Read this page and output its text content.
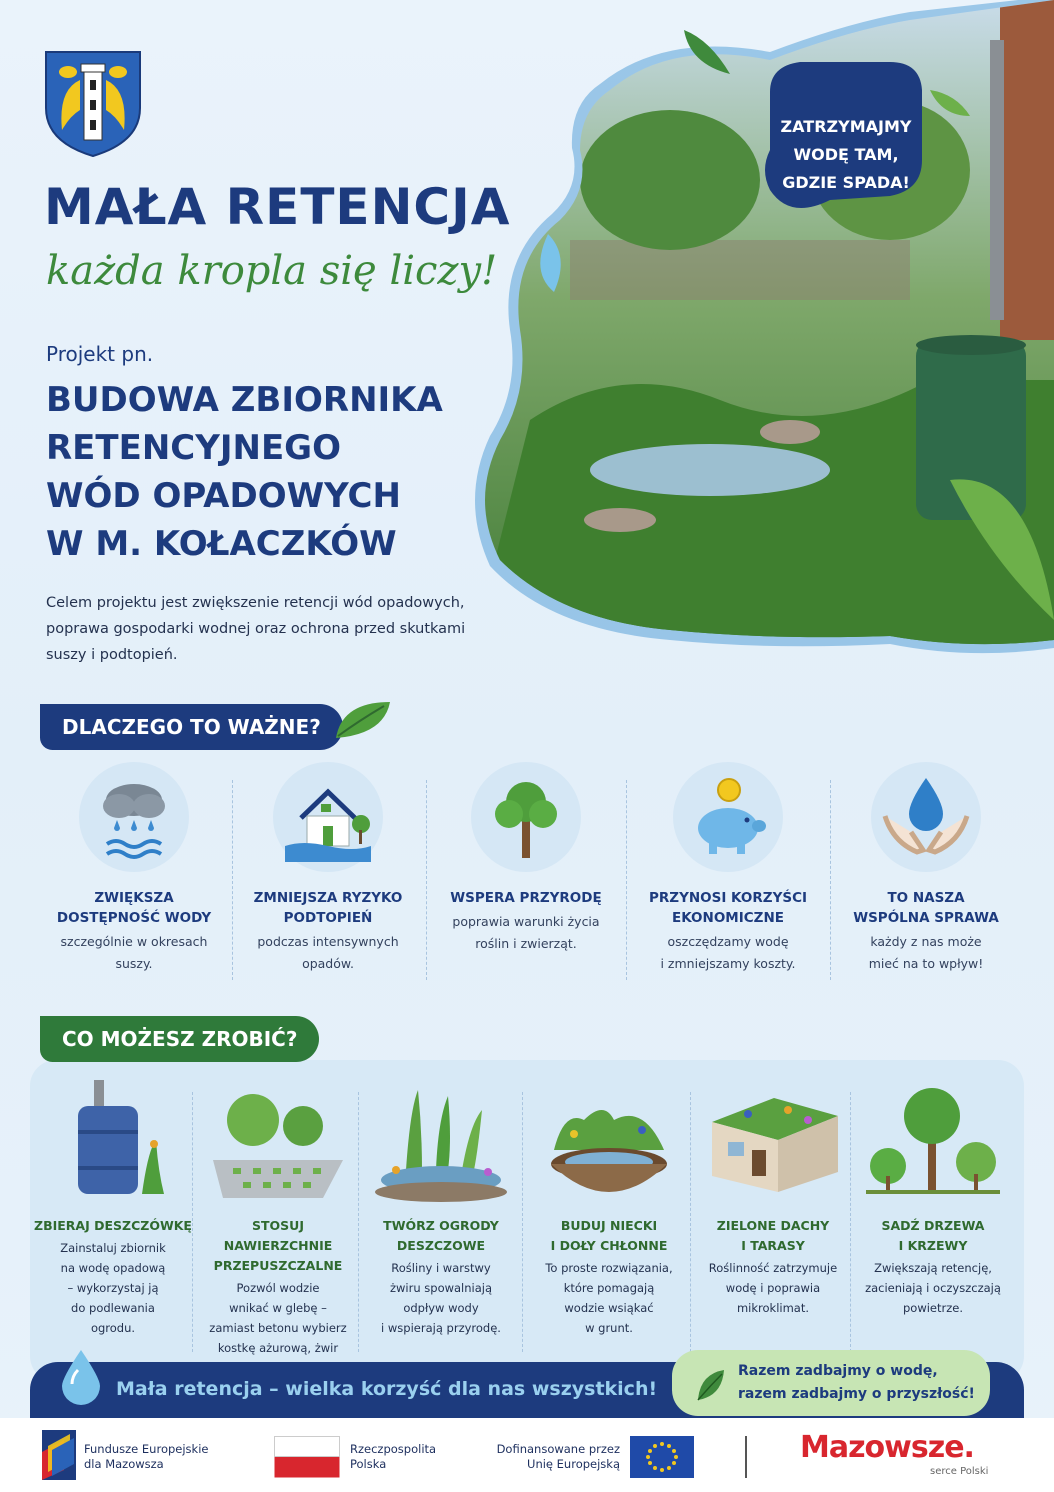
MAŁA RETENCJA
każda kropla się liczy!
Projekt pn.
BUDOWA ZBIORNIKA
RETENCYJNEGO
WÓD OPADOWYCH
W M. KOŁACZKÓW
Celem projektu jest zwiększenie retencji wód opadowych,
poprawa gospodarki wodnej oraz ochrona przed skutkami
suszy i podtopień.
ZATRZYMAJMY
WODĘ TAM,
GDZIE SPADA!
DLACZEGO TO WAŻNE?
ZWIĘKSZA
DOSTĘPNOŚĆ WODY
szczególnie w okresach
suszy.
ZMNIEJSZA RYZYKO
PODTOPIEŃ
podczas intensywnych
opadów.
WSPERA PRZYRODĘ
poprawia warunki życia
roślin i zwierząt.
PRZYNOSI KORZYŚCI
EKONOMICZNE
oszczędzamy wodę
i zmniejszamy koszty.
TO NASZA
WSPÓLNA SPRAWA
każdy z nas może
mieć na to wpływ!
CO MOŻESZ ZROBIĆ?
ZBIERAJ DESZCZÓWKĘ
Zainstaluj zbiornik
na wodę opadową
– wykorzystaj ją
do podlewania
ogrodu.
STOSUJ NAWIERZCHNIE
PRZEPUSZCZALNE
Pozwól wodzie
wnikać w glebę –
zamiast betonu wybierz
kostkę ażurową, żwir
TWÓRZ OGRODY
DESZCZOWE
Rośliny i warstwy
żwiru spowalniają
odpływ wody
i wspierają przyrodę.
BUDUJ NIECKI
I DOŁY CHŁONNE
To proste rozwiązania,
które pomagają
wodzie wsiąkać
w grunt.
ZIELONE DACHY
I TARASY
Roślinność zatrzymuje
wodę i poprawia
mikroklimat.
SADŹ DRZEWA
I KRZEWY
Zwiększają retencję,
zacieniają i oczyszczają
powietrze.
Mała retencja – wielka korzyść dla nas wszystkich!
Razem zadbajmy o wodę,
razem zadbajmy o przyszłość!
Fundusze Europejskie
dla Mazowsza
Rzeczpospolita
Polska
Dofinansowane przez
Unię Europejską	Mazowsze.
serce Polski
